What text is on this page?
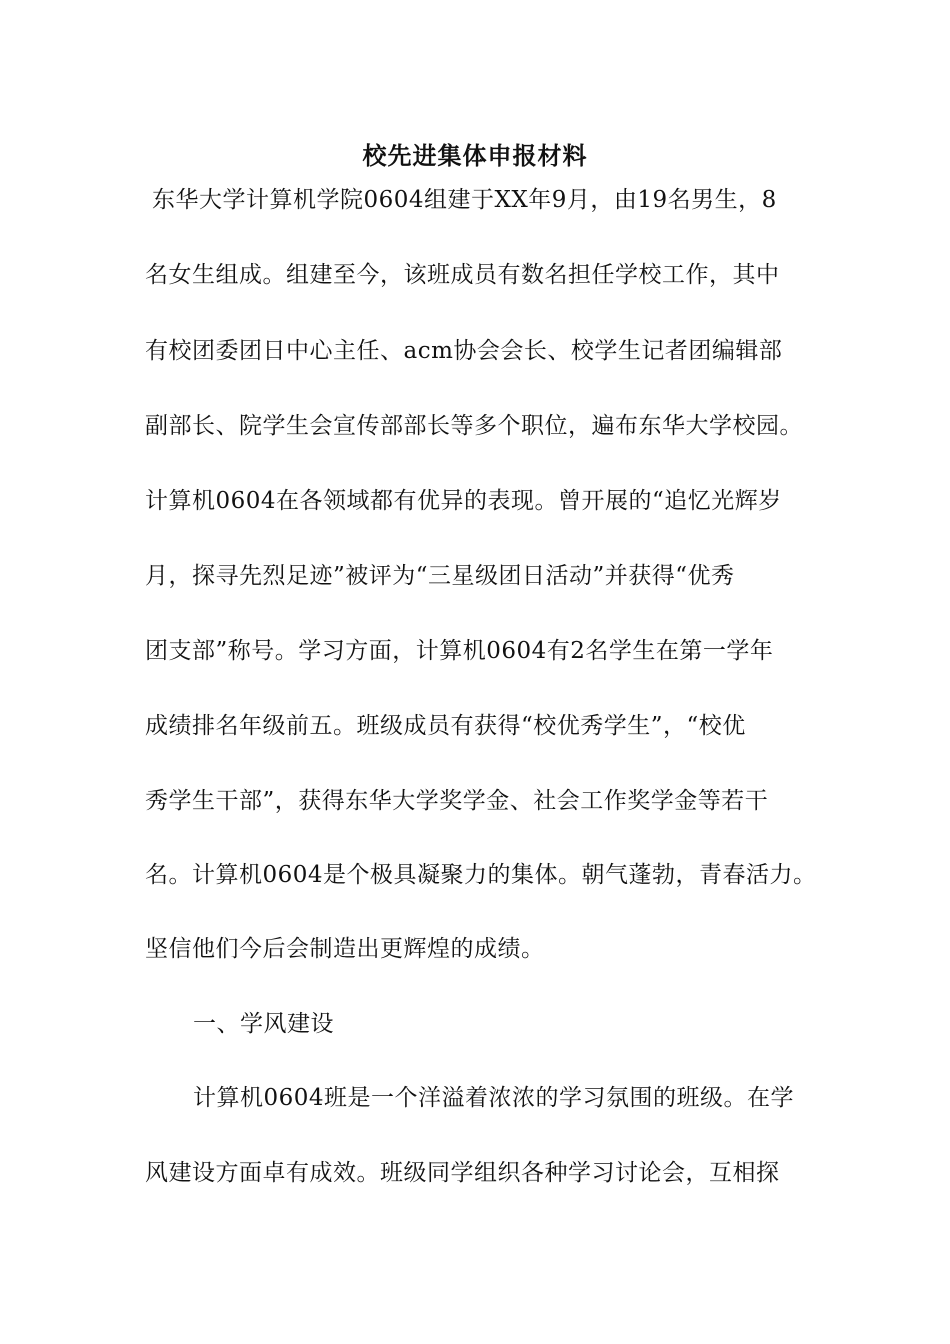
校先进集体申报材料
东华大学计算机学院0604组建于XX年9月，由19名男生，8
名女生组成。组建至今，该班成员有数名担任学校工作，其中
有校团委团日中心主任、acm协会会长、校学生记者团编辑部
副部长、院学生会宣传部部长等多个职位，遍布东华大学校园。
计算机0604在各领域都有优异的表现。曾开展的“追忆光辉岁
月，探寻先烈足迹”被评为“三星级团日活动”并获得“优秀
团支部”称号。学习方面，计算机0604有2名学生在第一学年
成绩排名年级前五。班级成员有获得“校优秀学生”，“校优
秀学生干部”，获得东华大学奖学金、社会工作奖学金等若干
名。计算机0604是个极具凝聚力的集体。朝气蓬勃，青春活力。
坚信他们今后会制造出更辉煌的成绩。
一、学风建设
计算机0604班是一个洋溢着浓浓的学习氛围的班级。在学
风建设方面卓有成效。班级同学组织各种学习讨论会，互相探
